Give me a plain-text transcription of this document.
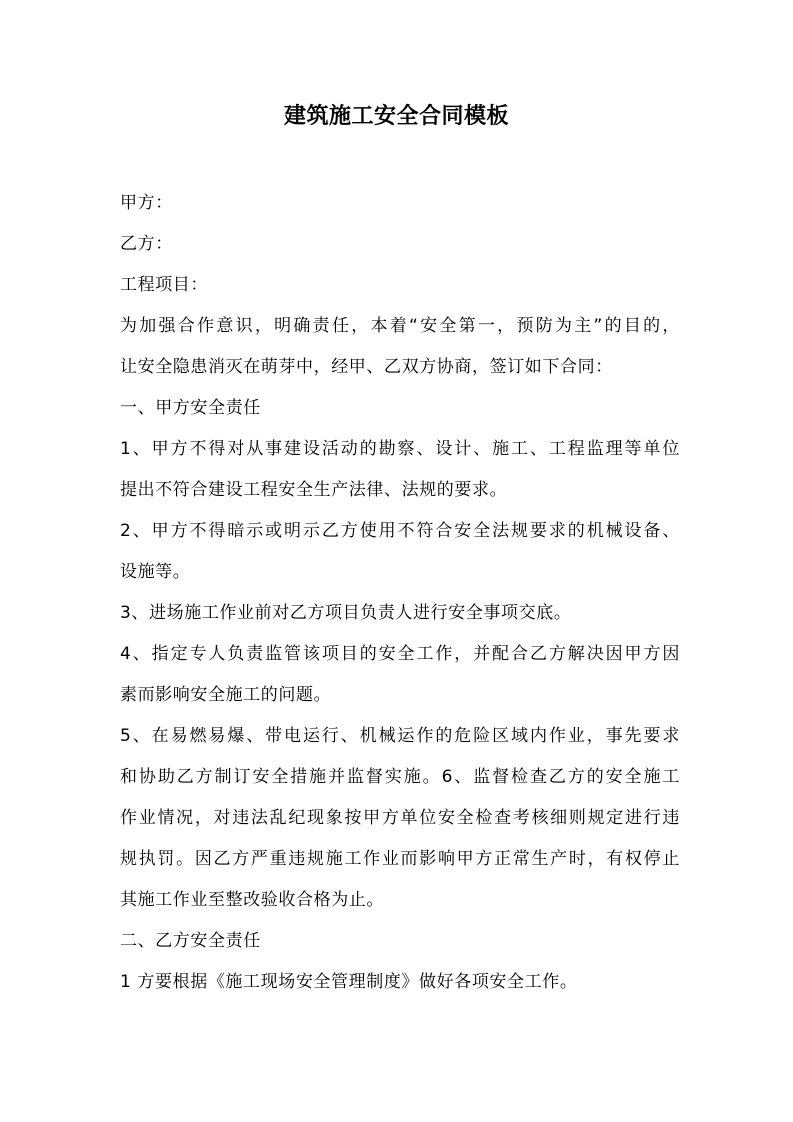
建筑施工安全合同模板
甲方：
乙方：
工程项目：
为加强合作意识，明确责任，本着“安全第一，预防为主”的目的，
让安全隐患消灭在萌芽中，经甲、乙双方协商，签订如下合同：
一、甲方安全责任
1、甲方不得对从事建设活动的勘察、设计、施工、工程监理等单位
提出不符合建设工程安全生产法律、法规的要求。
2、甲方不得暗示或明示乙方使用不符合安全法规要求的机械设备、
设施等。
3、进场施工作业前对乙方项目负责人进行安全事项交底。
4、指定专人负责监管该项目的安全工作，并配合乙方解决因甲方因
素而影响安全施工的问题。
5、在易燃易爆、带电运行、机械运作的危险区域内作业，事先要求
和协助乙方制订安全措施并监督实施。6、监督检查乙方的安全施工
作业情况，对违法乱纪现象按甲方单位安全检查考核细则规定进行违
规执罚。因乙方严重违规施工作业而影响甲方正常生产时，有权停止
其施工作业至整改验收合格为止。
二、乙方安全责任
1 方要根据《施工现场安全管理制度》做好各项安全工作。
